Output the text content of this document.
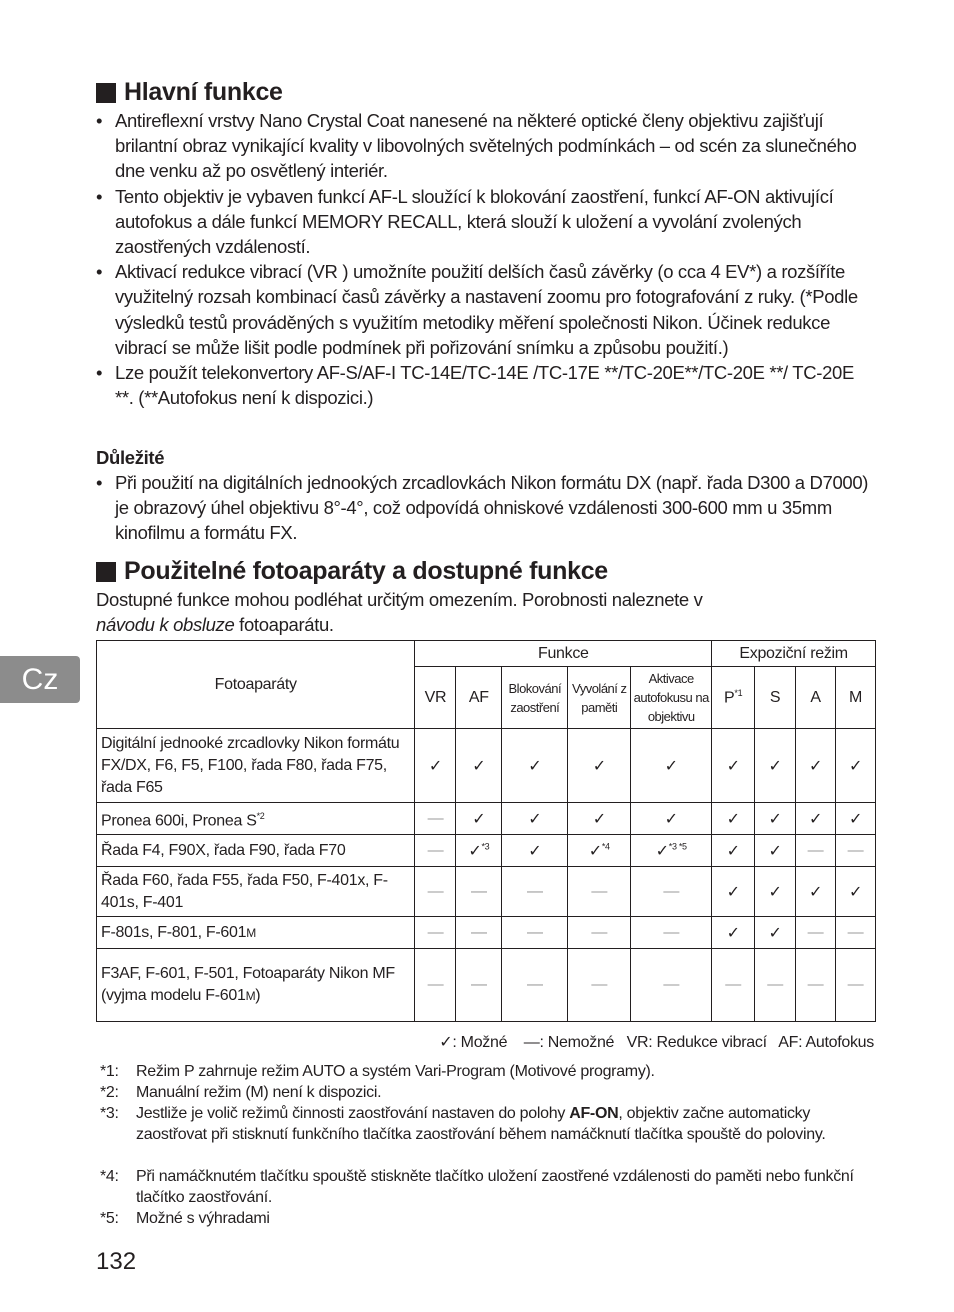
Hlavní funkce
• Antireflexní vrstvy Nano Crystal Coat nanesené na některé optické členy objektivu zajišťují brilantní obraz vynikající kvality v libovolných světelných podmínkách – od scén za slunečného dne venku až po osvětlený interiér.
• Tento objektiv je vybaven funkcí AF-L sloužící k blokování zaostření, funkcí AF-ON aktivující autofokus a dále funkcí MEMORY RECALL, která slouží k uložení a vyvolání zvolených zaostřených vzdáleností.
• Aktivací redukce vibrací (VR ) umožníte použití delších časů závěrky (o cca 4 EV*) a rozšíříte využitelný rozsah kombinací časů závěrky a nastavení zoomu pro fotografování z ruky. (*Podle výsledků testů prováděných s využitím metodiky měření společnosti Nikon. Účinek redukce vibrací se může lišit podle podmínek při pořizování snímku a způsobu použití.)
• Lze použít telekonvertory AF-S/AF-I TC-14E/TC-14E /TC-17E **/TC-20E**/TC-20E **/ TC-20E **. (**Autofokus není k dispozici.)
Důležité
• Při použití na digitálních jednookých zrcadlovkách Nikon formátu DX (např. řada D300 a D7000) je obrazový úhel objektivu 8°-4°, což odpovídá ohniskové vzdálenosti 300-600 mm u 35mm kinofilmu a formátu FX.
Použitelné fotoaparáty a dostupné funkce
Dostupné funkce mohou podléhat určitým omezením. Porobnosti naleznete v
návodu k obsluze fotoaparátu.
Cz	Fotoaparáty	Funkce					Expoziční režim			
	VR	AF	Blokování zaostření	Vyvolání z paměti	Aktivace autofokusu na objektivu	$P^{*1}$	S	A	M
Digitální jednooké zrcadlovky Nikon formátu FX/DX, F6, F5, F100, řada F80, řada F75, řada F65	✓	✓	✓	✓	✓	✓	✓	✓	✓
Pronea 600i, Pronea $S^{*2}$	—	✓	✓	✓	✓	✓	✓	✓	✓
Řada F4, F90X, řada F90, řada F70	—	✓$^{*3}$	✓	✓$^{*4}$	✓$^{*3 *5}$	✓	✓	—	—
Řada F60, řada F55, řada F50, F-401x, F-401s, F-401	—	—	—	—	—	✓	✓	✓	✓
F-801s, F-801, F-601M	—	—	—	—	—	✓	✓	—	—
F3AF, F-601, F-501, Fotoaparáty Nikon MF (vyjma modelu F-601M)	—	—	—	—	—	—	—	—	—
✓: Možné    —: Nemožné   VR: Redukce vibrací   AF: Autofokus
*1:	Režim P zahrnuje režim AUTO a systém Vari-Program (Motivové programy).
*2:	Manuální režim (M) není k dispozici.
*3:	Jestliže je volič režimů činnosti zaostřování nastaven do polohy AF-ON, objektiv začne automaticky zaostřovat při stisknutí funkčního tlačítka zaostřování během namáčknutí tlačítka spouště do poloviny.
*4:	Při namáčknutém tlačítku spouště stiskněte tlačítko uložení zaostřené vzdálenosti do paměti nebo funkční tlačítko zaostřování.
*5:	Možné s výhradami
132
